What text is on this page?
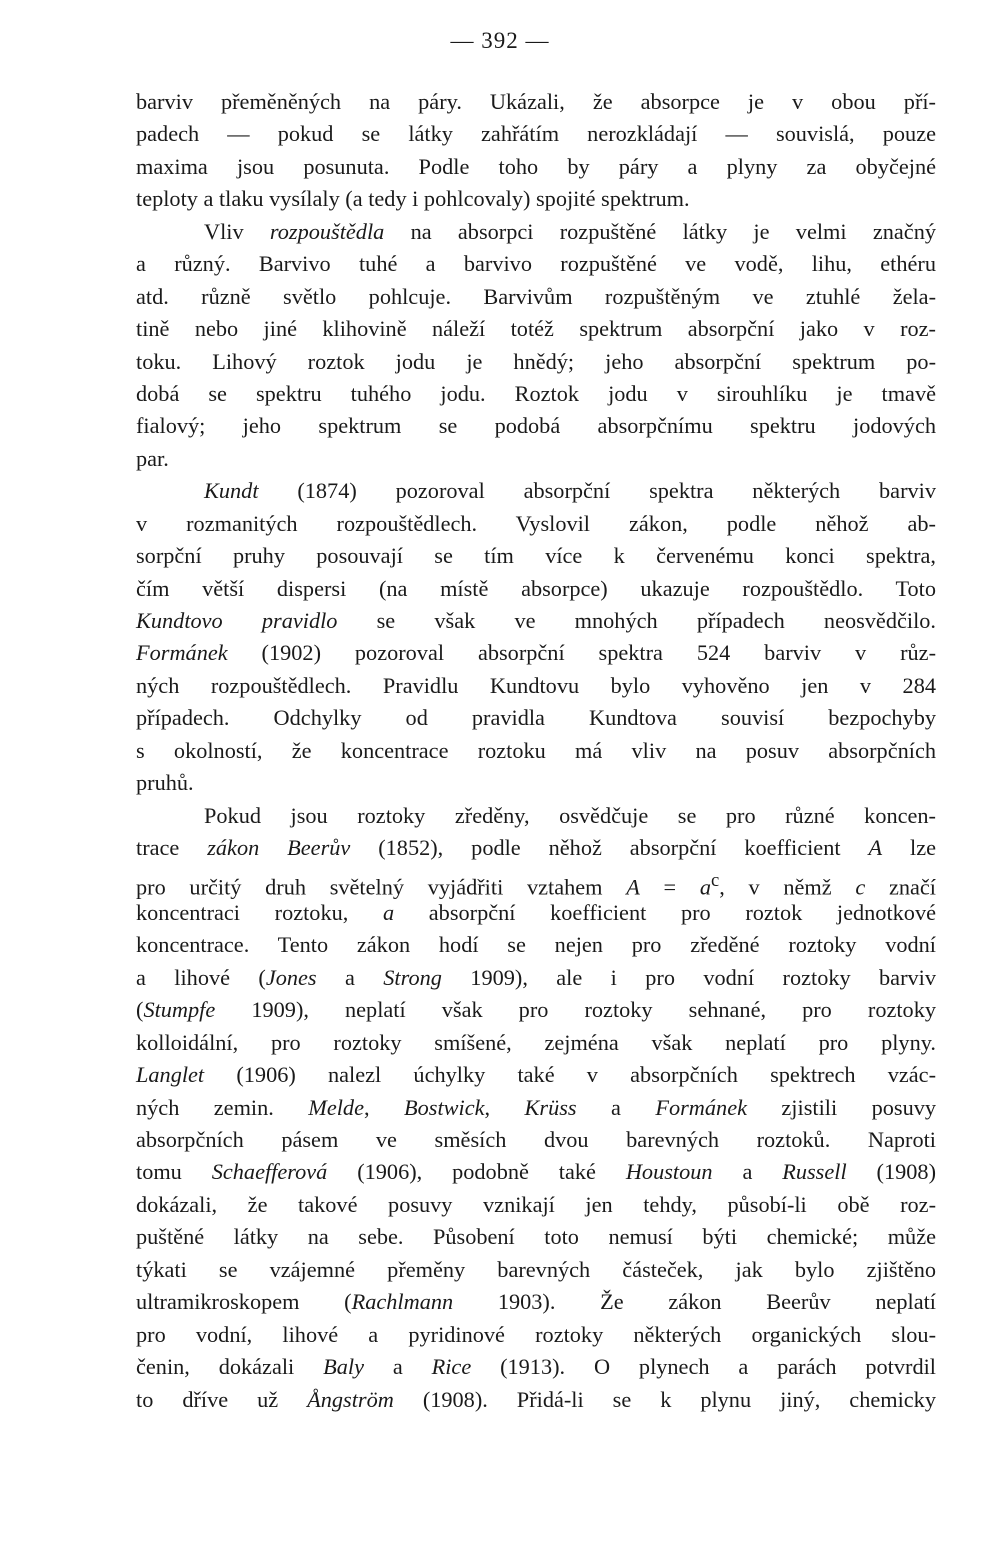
— 392 —
barviv přeměněných na páry. Ukázali, že absorpce je v obou pří-
padech — pokud se látky zahřátím nerozkládají — souvislá, pouze
maxima jsou posunuta. Podle toho by páry a plyny za obyčejné
teploty a tlaku vysílaly (a tedy i pohlcovaly) spojité spektrum.
Vliv rozpouštědla na absorpci rozpuštěné látky je velmi značný
a různý. Barvivo tuhé a barvivo rozpuštěné ve vodě, lihu, ethéru
atd. různě světlo pohlcuje. Barvivům rozpuštěným ve ztuhlé žela-
tině nebo jiné klihovině náleží totéž spektrum absorpční jako v roz-
toku. Lihový roztok jodu je hnědý; jeho absorpční spektrum po-
dobá se spektru tuhého jodu. Roztok jodu v sirouhlíku je tmavě
fialový; jeho spektrum se podobá absorpčnímu spektru jodových
par.
Kundt (1874) pozoroval absorpční spektra některých barviv
v rozmanitých rozpouštědlech. Vyslovil zákon, podle něhož ab-
sorpční pruhy posouvají se tím více k červenému konci spektra,
čím větší dispersi (na místě absorpce) ukazuje rozpouštědlo. Toto
Kundtovo pravidlo se však ve mnohých případech neosvědčilo.
Formánek (1902) pozoroval absorpční spektra 524 barviv v růz-
ných rozpouštědlech. Pravidlu Kundtovu bylo vyhověno jen v 284
případech. Odchylky od pravidla Kundtova souvisí bezpochyby
s okolností, že koncentrace roztoku má vliv na posuv absorpčních
pruhů.
Pokud jsou roztoky zředěny, osvědčuje se pro různé koncen-
trace zákon Beerův (1852), podle něhož absorpční koefficient A lze
pro určitý druh světelný vyjádřiti vztahem $A = a^c$, v němž c značí
koncentraci roztoku, a absorpční koefficient pro roztok jednotkové
koncentrace. Tento zákon hodí se nejen pro zředěné roztoky vodní
a lihové (Jones a Strong 1909), ale i pro vodní roztoky barviv
(Stumpfe 1909), neplatí však pro roztoky sehnané, pro roztoky
kolloidální, pro roztoky smíšené, zejména však neplatí pro plyny.
Langlet (1906) nalezl úchylky také v absorpčních spektrech vzác-
ných zemin. Melde, Bostwick, Krüss a Formánek zjistili posuvy
absorpčních pásem ve směsích dvou barevných roztoků. Naproti
tomu Schaefferová (1906), podobně také Houstoun a Russell (1908)
dokázali, že takové posuvy vznikají jen tehdy, působí-li obě roz-
puštěné látky na sebe. Působení toto nemusí býti chemické; může
týkati se vzájemné přeměny barevných částeček, jak bylo zjištěno
ultramikroskopem (Rachlmann 1903). Že zákon Beerův neplatí
pro vodní, lihové a pyridinové roztoky některých organických slou-
čenin, dokázali Baly a Rice (1913). O plynech a parách potvrdil
to dříve už Ångström (1908). Přidá-li se k plynu jiný, chemicky
